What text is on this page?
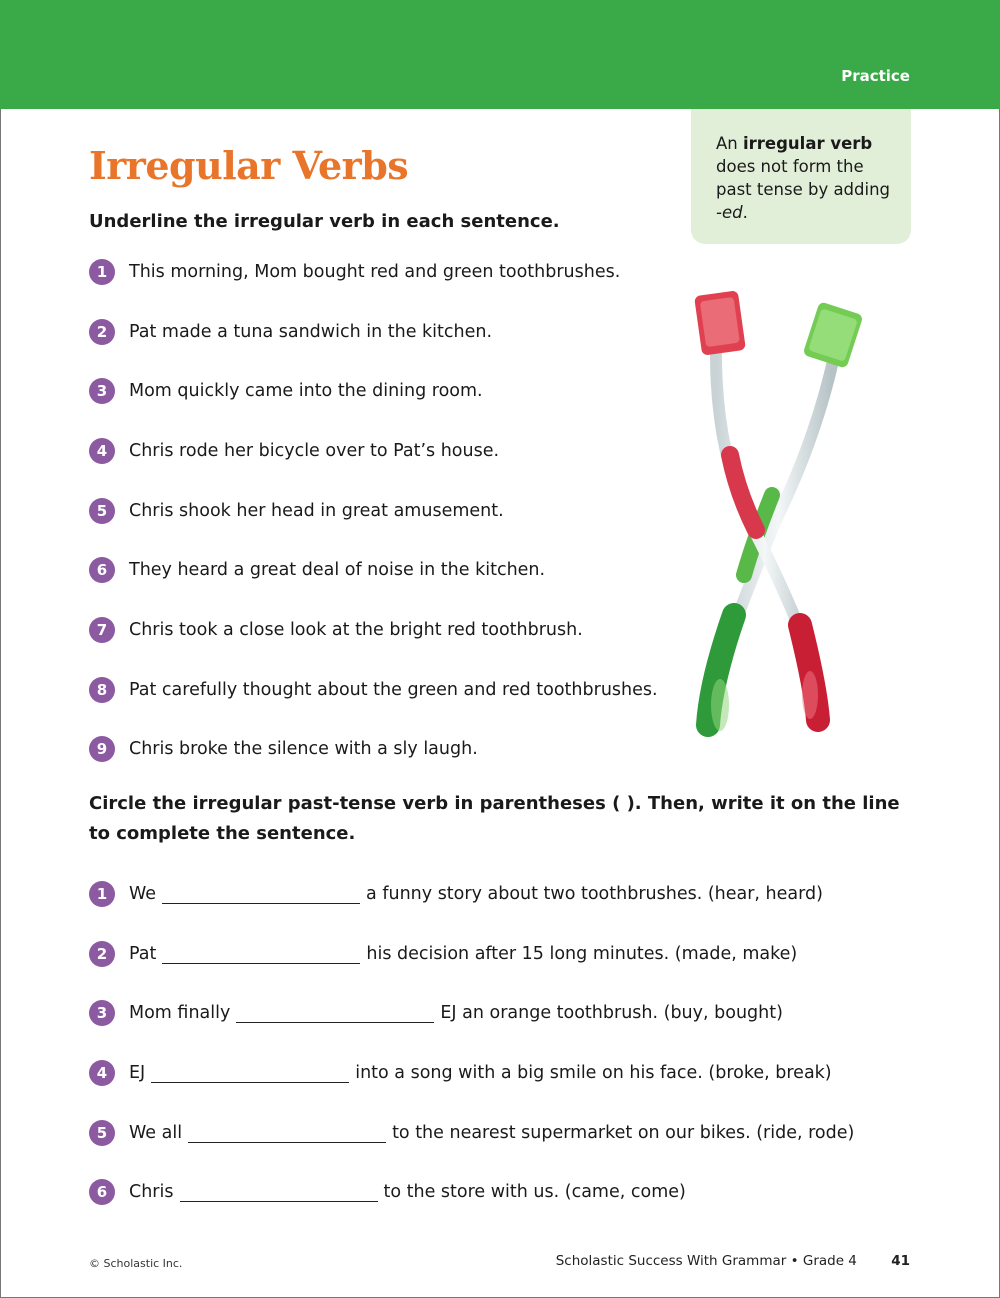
Practice
An irregular verb does not form the past tense by adding -ed.
Irregular Verbs

Underline the irregular verb in each sentence.

1	This morning, Mom bought red and green toothbrushes.
2	Pat made a tuna sandwich in the kitchen.
3	Mom quickly came into the dining room.
4	Chris rode her bicycle over to Pat’s house.
5	Chris shook her head in great amusement.
6	They heard a great deal of noise in the kitchen.
7	Chris took a close look at the bright red toothbrush.
8	Pat carefully thought about the green and red toothbrushes.
9	Chris broke the silence with a sly laugh.

Circle the irregular past-tense verb in parentheses ( ). Then, write it on the line to complete the sentence.

1	We	a funny story about two toothbrushes. (hear, heard)
2	Pat	his decision after 15 long minutes. (made, make)
3	Mom finally	EJ an orange toothbrush. (buy, bought)
4	EJ	into a song with a big smile on his face. (broke, break)
5	We all	to the nearest supermarket on our bikes. (ride, rode)
6	Chris	to the store with us. (came, come)
© Scholastic Inc.	Scholastic Success With Grammar • Grade 4	41
